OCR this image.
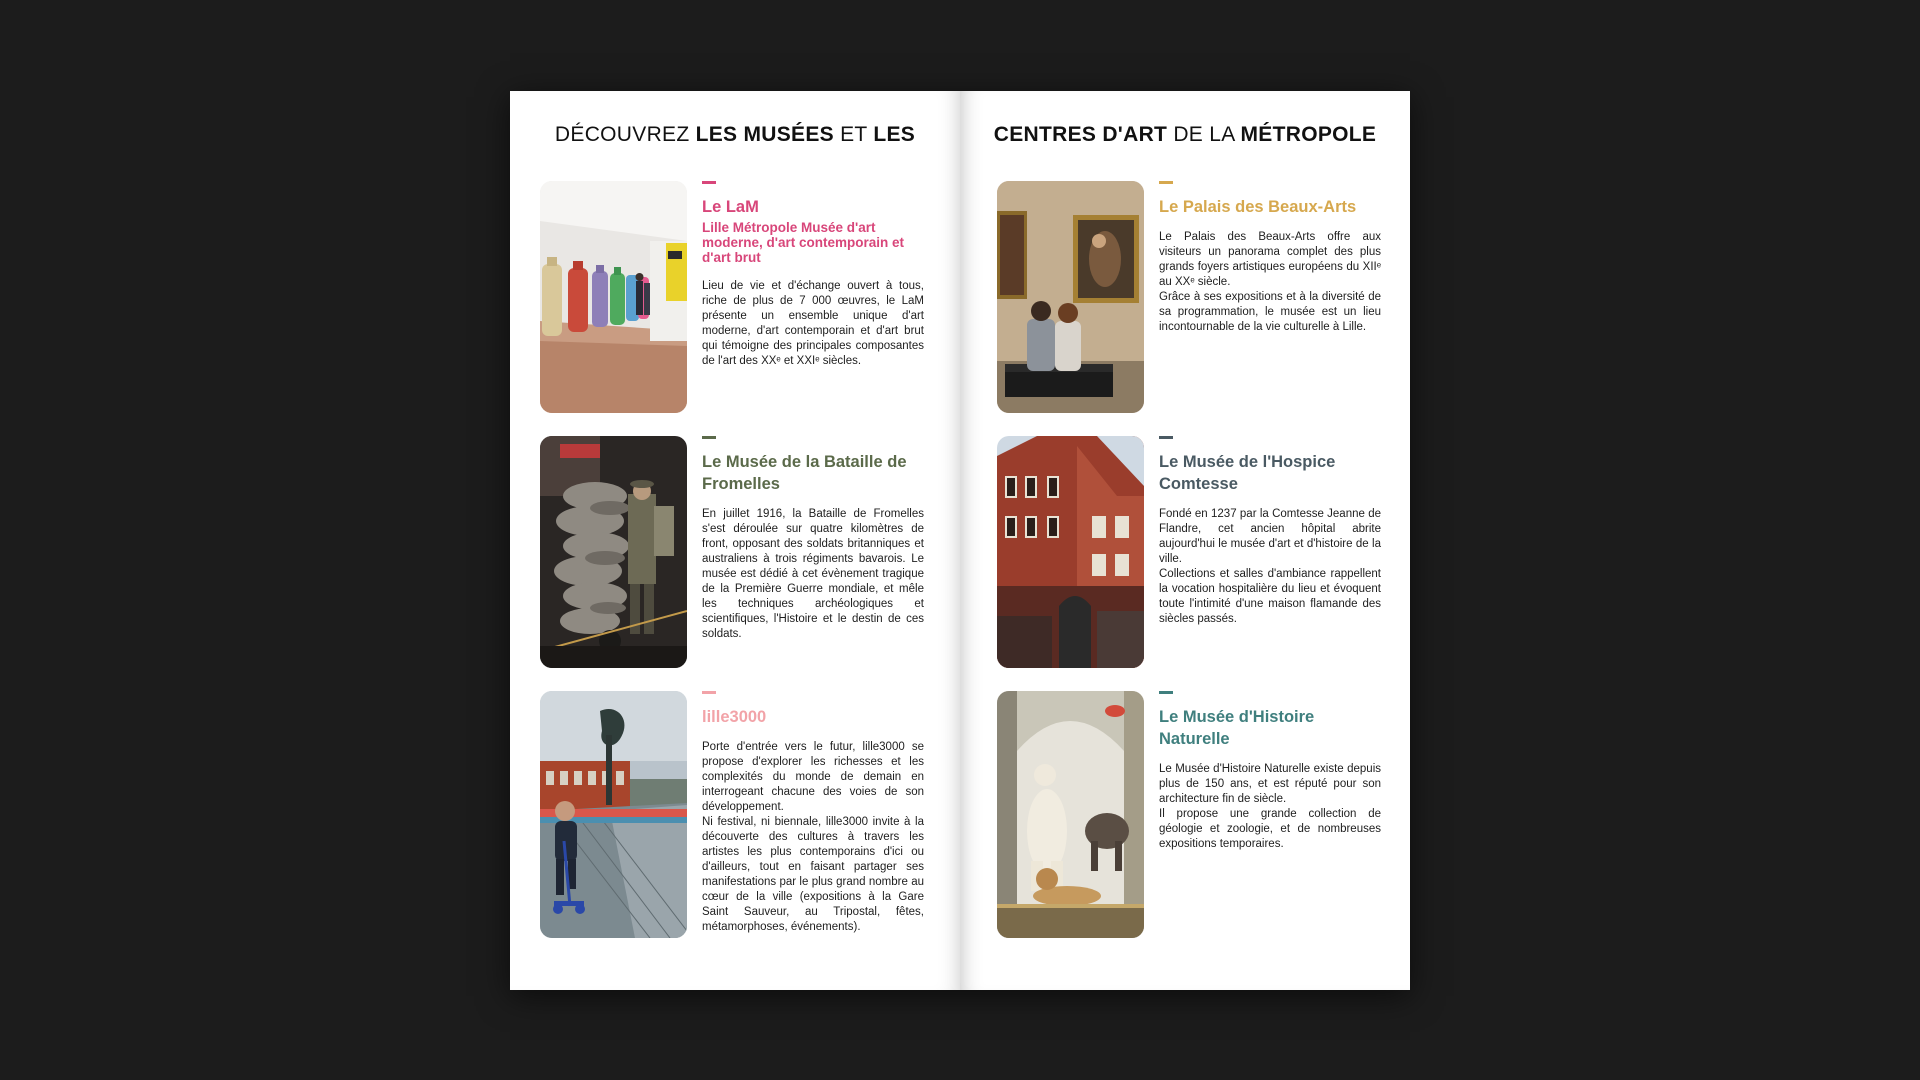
DÉCOUVREZ LES MUSÉES ET LES
Le LaM
Lille Métropole Musée d'art moderne, d'art contemporain et d'art brut

Lieu de vie et d'échange ouvert à tous, riche de plus de 7 000 œuvres, le LaM présente un ensemble unique d'art moderne, d'art contemporain et d'art brut qui témoigne des principales composantes de l'art des XXᵉ et XXIᵉ siècles.

Le Musée de la Bataille de Fromelles

En juillet 1916, la Bataille de Fromelles s'est déroulée sur quatre kilomètres de front, opposant des soldats britanniques et australiens à trois régiments bavarois. Le musée est dédié à cet évènement tragique de la Première Guerre mondiale, et mêle les techniques archéologiques et scientifiques, l'Histoire et le destin de ces soldats.

lille3000

Porte d'entrée vers le futur, lille3000 se propose d'explorer les richesses et les complexités du monde de demain en interrogeant chacune des voies de son développement.

Ni festival, ni biennale, lille3000 invite à la découverte des cultures à travers les artistes les plus contemporains d'ici ou d'ailleurs, tout en faisant partager ses manifestations par le plus grand nombre au cœur de la ville (expositions à la Gare Saint Sauveur, au Tripostal, fêtes, métamorphoses, événements).

CENTRES D'ART DE LA MÉTROPOLE
Le Palais des Beaux-Arts

Le Palais des Beaux-Arts offre aux visiteurs un panorama complet des plus grands foyers artistiques européens du XIIᵉ au XXᵉ siècle.

Grâce à ses expositions et à la diversité de sa programmation, le musée est un lieu incontournable de la vie culturelle à Lille.

Le Musée de l'Hospice Comtesse

Fondé en 1237 par la Comtesse Jeanne de Flandre, cet ancien hôpital abrite aujourd'hui le musée d'art et d'histoire de la ville.

Collections et salles d'ambiance rappellent la vocation hospitalière du lieu et évoquent toute l'intimité d'une maison flamande des siècles passés.

Le Musée d'Histoire Naturelle

Le Musée d'Histoire Naturelle existe depuis plus de 150 ans, et est réputé pour son architecture fin de siècle.

Il propose une grande collection de géologie et zoologie, et de nombreuses expositions temporaires.
